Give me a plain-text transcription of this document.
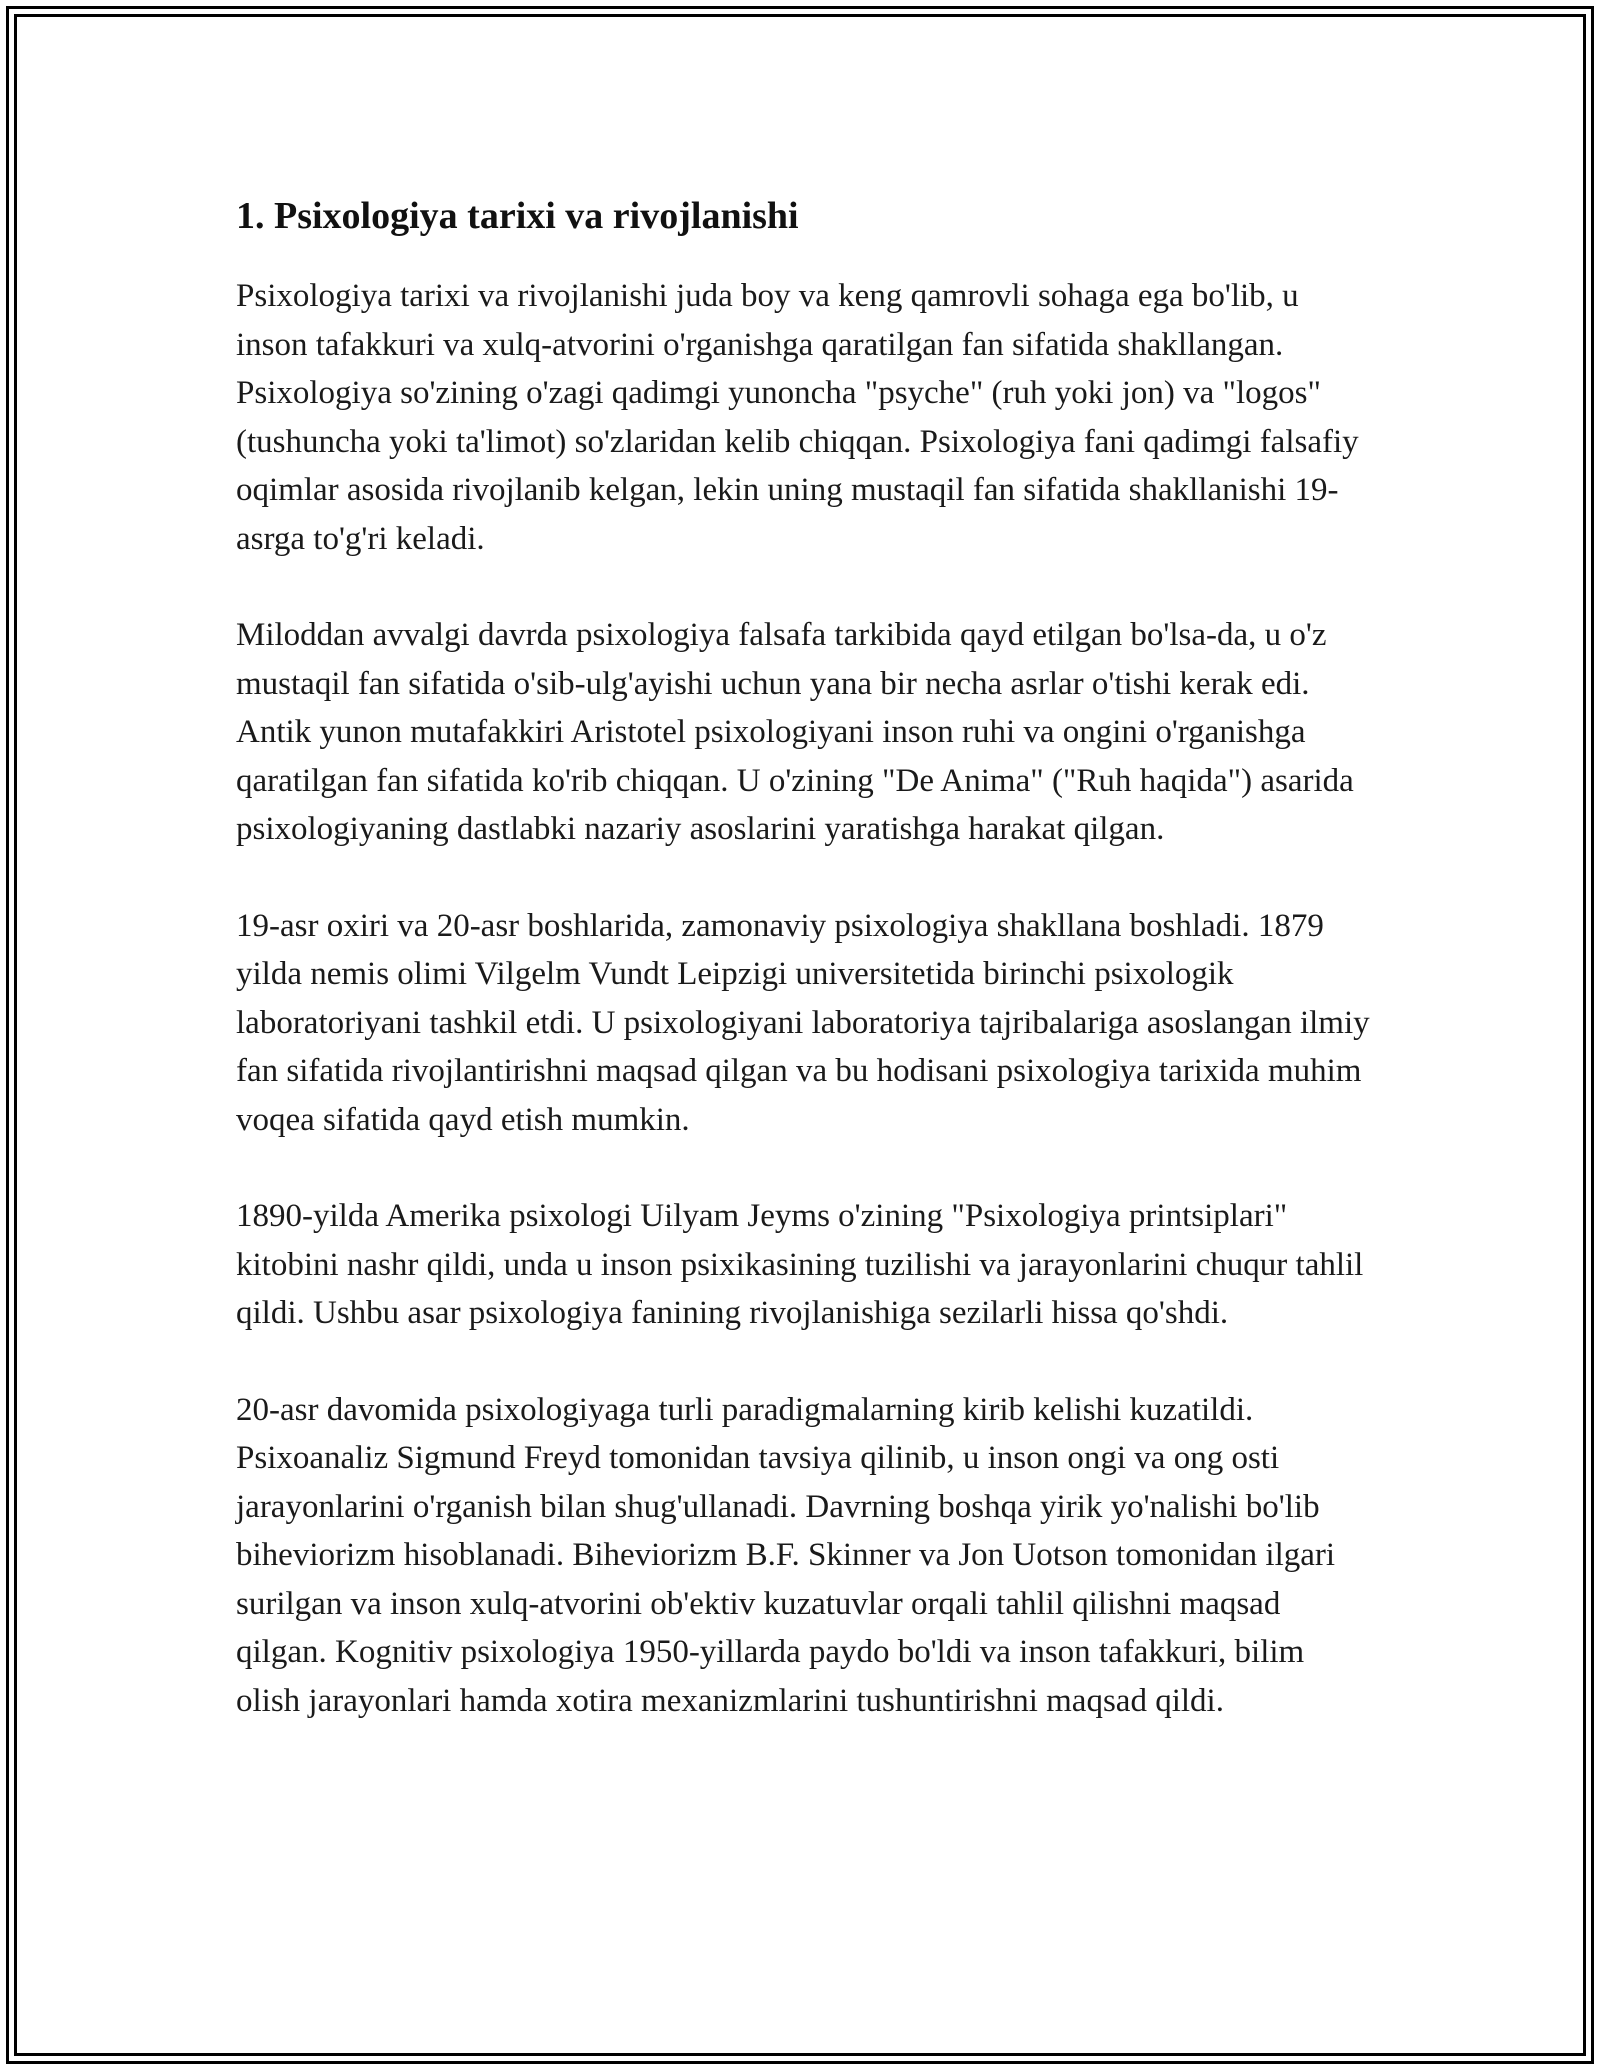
1. Psixologiya tarixi va rivojlanishi

Psixologiya tarixi va rivojlanishi juda boy va keng qamrovli sohaga ega bo'lib, u inson tafakkuri va xulq-atvorini o'rganishga qaratilgan fan sifatida shakllangan. Psixologiya so'zining o'zagi qadimgi yunoncha "psyche" (ruh yoki jon) va "logos" (tushuncha yoki ta'limot) so'zlaridan kelib chiqqan. Psixologiya fani qadimgi falsafiy oqimlar asosida rivojlanib kelgan, lekin uning mustaqil fan sifatida shakllanishi 19-asrga to'g'ri keladi.

Miloddan avvalgi davrda psixologiya falsafa tarkibida qayd etilgan bo'lsa-da, u o'z mustaqil fan sifatida o'sib-ulg'ayishi uchun yana bir necha asrlar o'tishi kerak edi. Antik yunon mutafakkiri Aristotel psixologiyani inson ruhi va ongini o'rganishga qaratilgan fan sifatida ko'rib chiqqan. U o'zining "De Anima" ("Ruh haqida") asarida psixologiyaning dastlabki nazariy asoslarini yaratishga harakat qilgan.

19-asr oxiri va 20-asr boshlarida, zamonaviy psixologiya shakllana boshladi. 1879 yilda nemis olimi Vilgelm Vundt Leipzigi universitetida birinchi psixologik laboratoriyani tashkil etdi. U psixologiyani laboratoriya tajribalariga asoslangan ilmiy fan sifatida rivojlantirishni maqsad qilgan va bu hodisani psixologiya tarixida muhim voqea sifatida qayd etish mumkin.

1890-yilda Amerika psixologi Uilyam Jeyms o'zining "Psixologiya printsiplari" kitobini nashr qildi, unda u inson psixikasining tuzilishi va jarayonlarini chuqur tahlil qildi. Ushbu asar psixologiya fanining rivojlanishiga sezilarli hissa qo'shdi.

20-asr davomida psixologiyaga turli paradigmalarning kirib kelishi kuzatildi. Psixoanaliz Sigmund Freyd tomonidan tavsiya qilinib, u inson ongi va ong osti jarayonlarini o'rganish bilan shug'ullanadi. Davrning boshqa yirik yo'nalishi bo'lib biheviorizm hisoblanadi. Biheviorizm B.F. Skinner va Jon Uotson tomonidan ilgari surilgan va inson xulq-atvorini ob'ektiv kuzatuvlar orqali tahlil qilishni maqsad qilgan. Kognitiv psixologiya 1950-yillarda paydo bo'ldi va inson tafakkuri, bilim olish jarayonlari hamda xotira mexanizmlarini tushuntirishni maqsad qildi.
